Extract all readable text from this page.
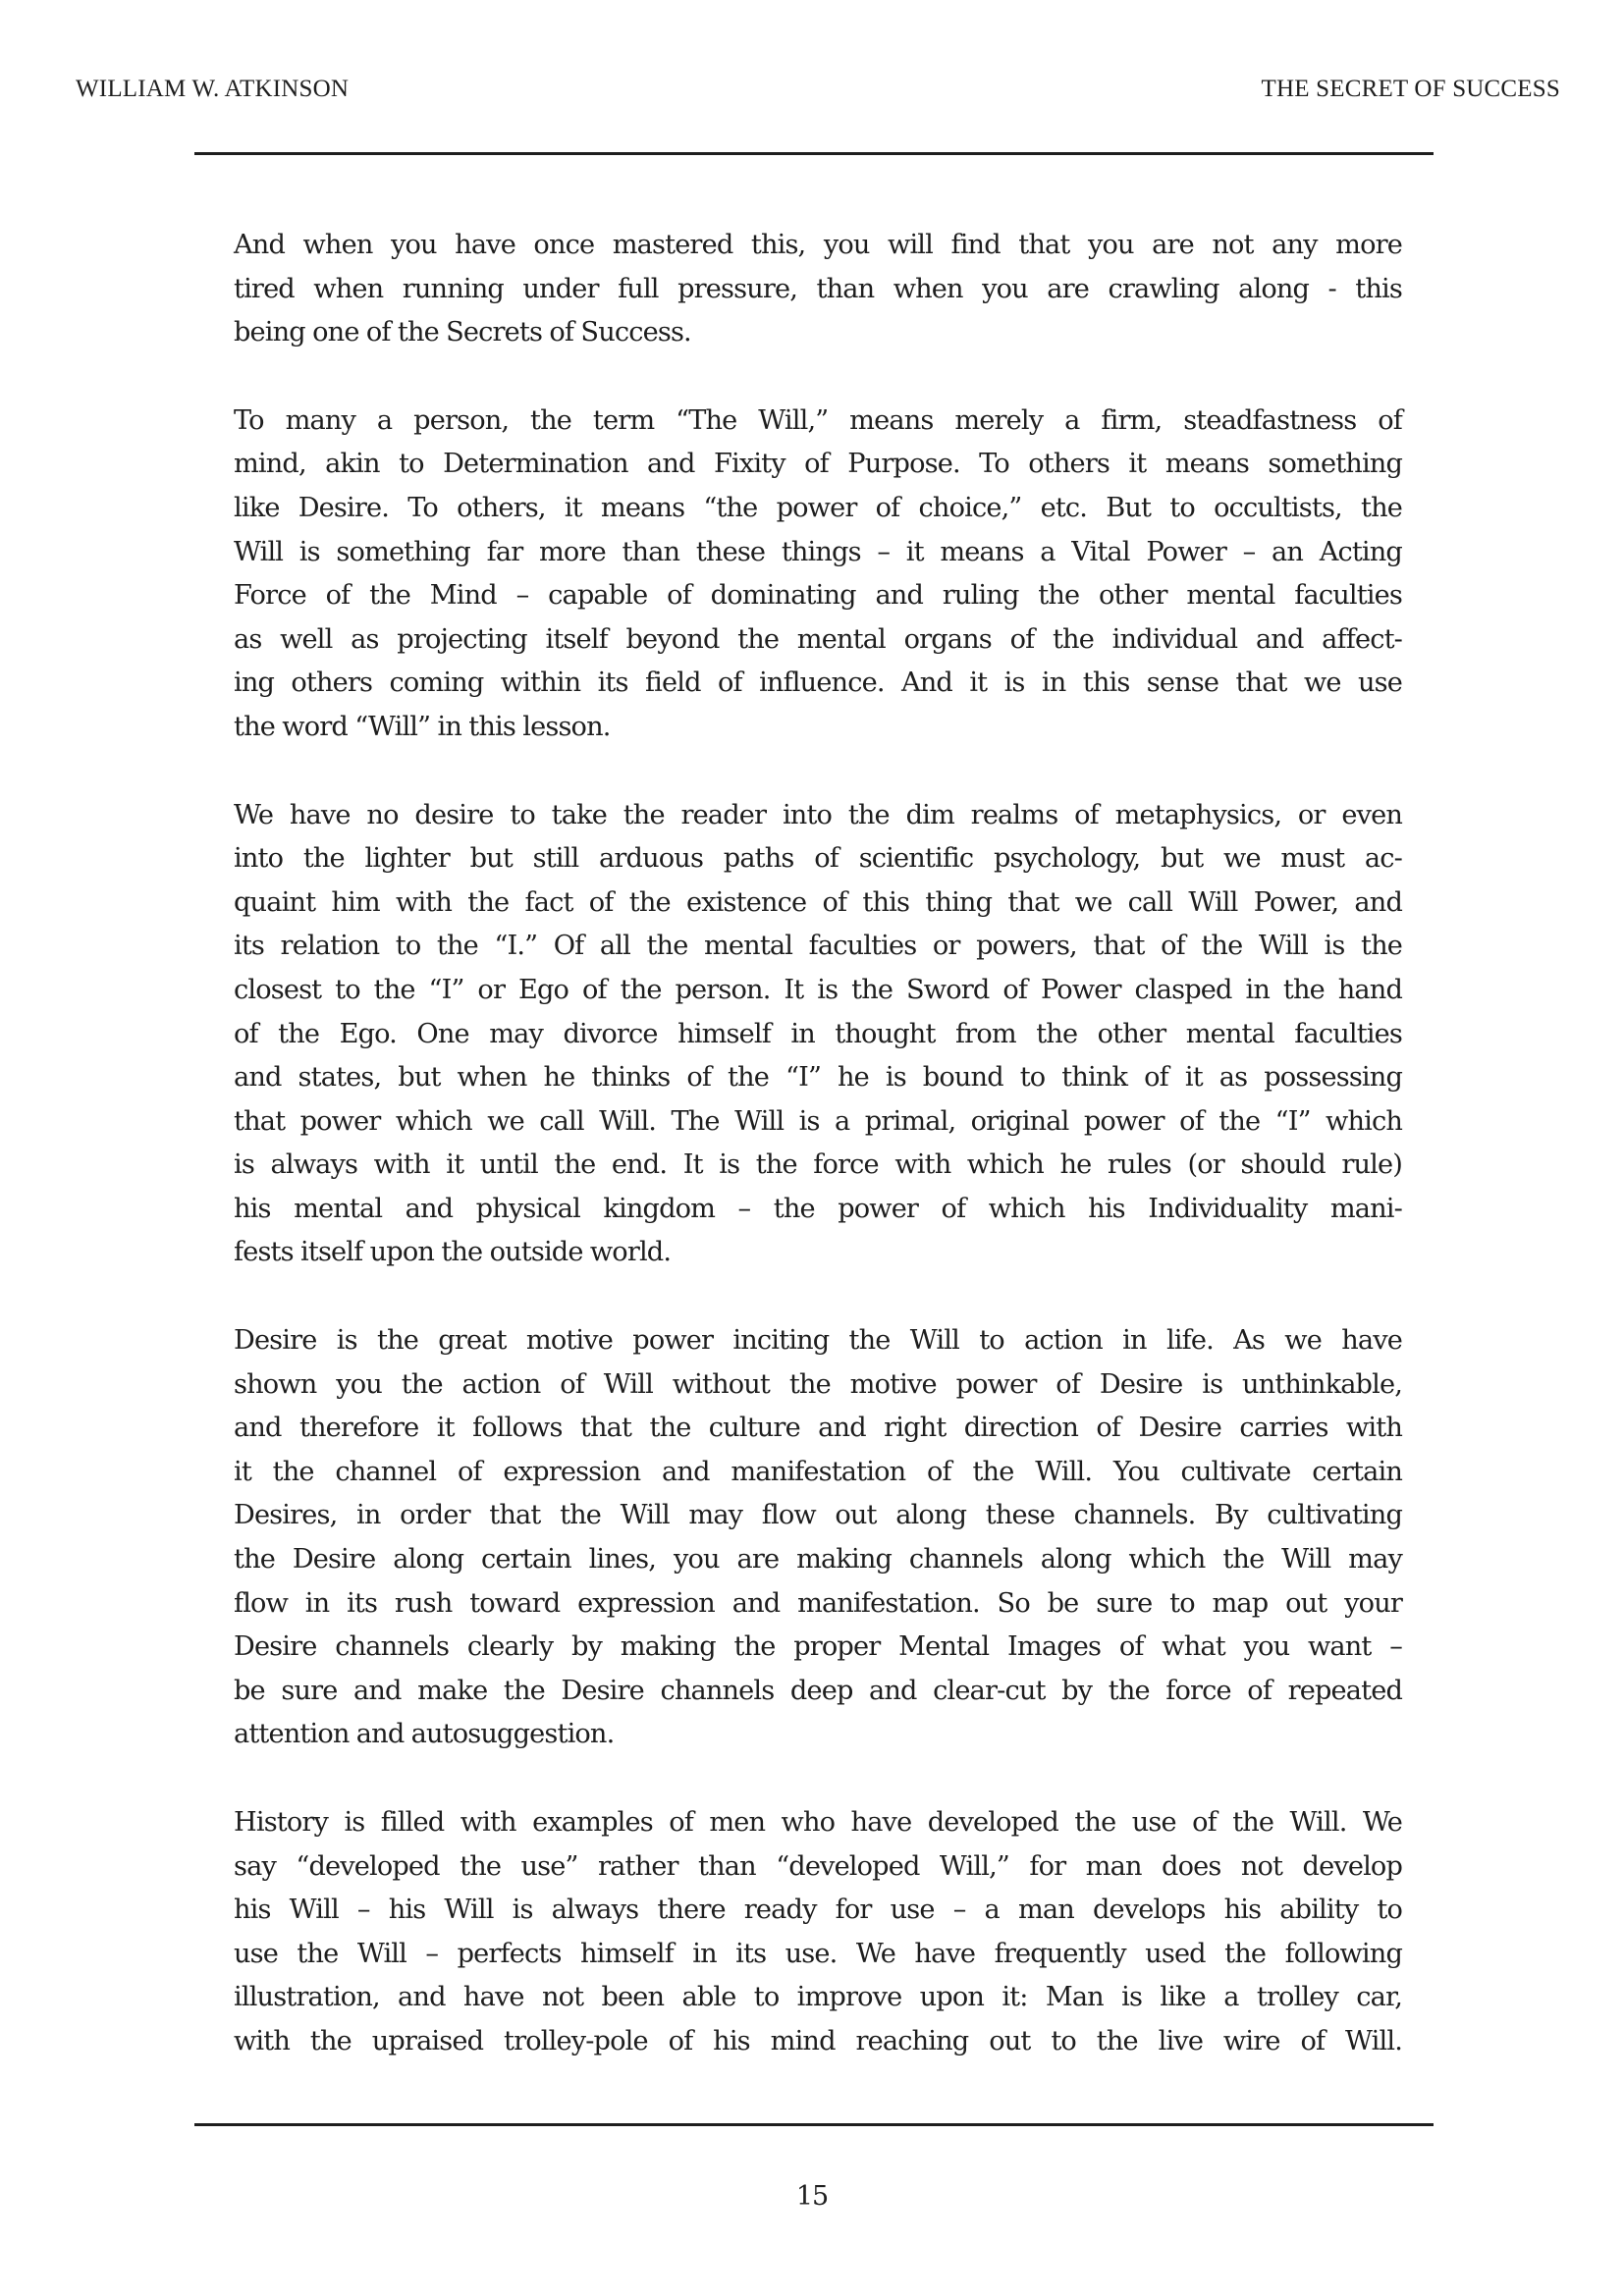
WILLIAM W. ATKINSON	THE SECRET OF SUCCESS

And when you have once mastered this, you will find that you are not any more
tired when running under full pressure, than when you are crawling along - this
being one of the Secrets of Success.

To many a person, the term “The Will,” means merely a firm, steadfastness of
mind, akin to Determination and Fixity of Purpose. To others it means something
like Desire. To others, it means “the power of choice,” etc. But to occultists, the
Will is something far more than these things – it means a Vital Power – an Acting
Force of the Mind – capable of dominating and ruling the other mental faculties
as well as projecting itself beyond the mental organs of the individual and affect-
ing others coming within its field of influence. And it is in this sense that we use
the word “Will” in this lesson.

We have no desire to take the reader into the dim realms of metaphysics, or even
into the lighter but still arduous paths of scientific psychology, but we must ac-
quaint him with the fact of the existence of this thing that we call Will Power, and
its relation to the “I.” Of all the mental faculties or powers, that of the Will is the
closest to the “I” or Ego of the person. It is the Sword of Power clasped in the hand
of the Ego. One may divorce himself in thought from the other mental faculties
and states, but when he thinks of the “I” he is bound to think of it as possessing
that power which we call Will. The Will is a primal, original power of the “I” which
is always with it until the end. It is the force with which he rules (or should rule)
his mental and physical kingdom – the power of which his Individuality mani-
fests itself upon the outside world.

Desire is the great motive power inciting the Will to action in life. As we have
shown you the action of Will without the motive power of Desire is unthinkable,
and therefore it follows that the culture and right direction of Desire carries with
it the channel of expression and manifestation of the Will. You cultivate certain
Desires, in order that the Will may flow out along these channels. By cultivating
the Desire along certain lines, you are making channels along which the Will may
flow in its rush toward expression and manifestation. So be sure to map out your
Desire channels clearly by making the proper Mental Images of what you want –
be sure and make the Desire channels deep and clear-cut by the force of repeated
attention and autosuggestion.

History is filled with examples of men who have developed the use of the Will. We
say “developed the use” rather than “developed Will,” for man does not develop
his Will – his Will is always there ready for use – a man develops his ability to
use the Will – perfects himself in its use. We have frequently used the following
illustration, and have not been able to improve upon it: Man is like a trolley car,
with the upraised trolley-pole of his mind reaching out to the live wire of Will.

15
